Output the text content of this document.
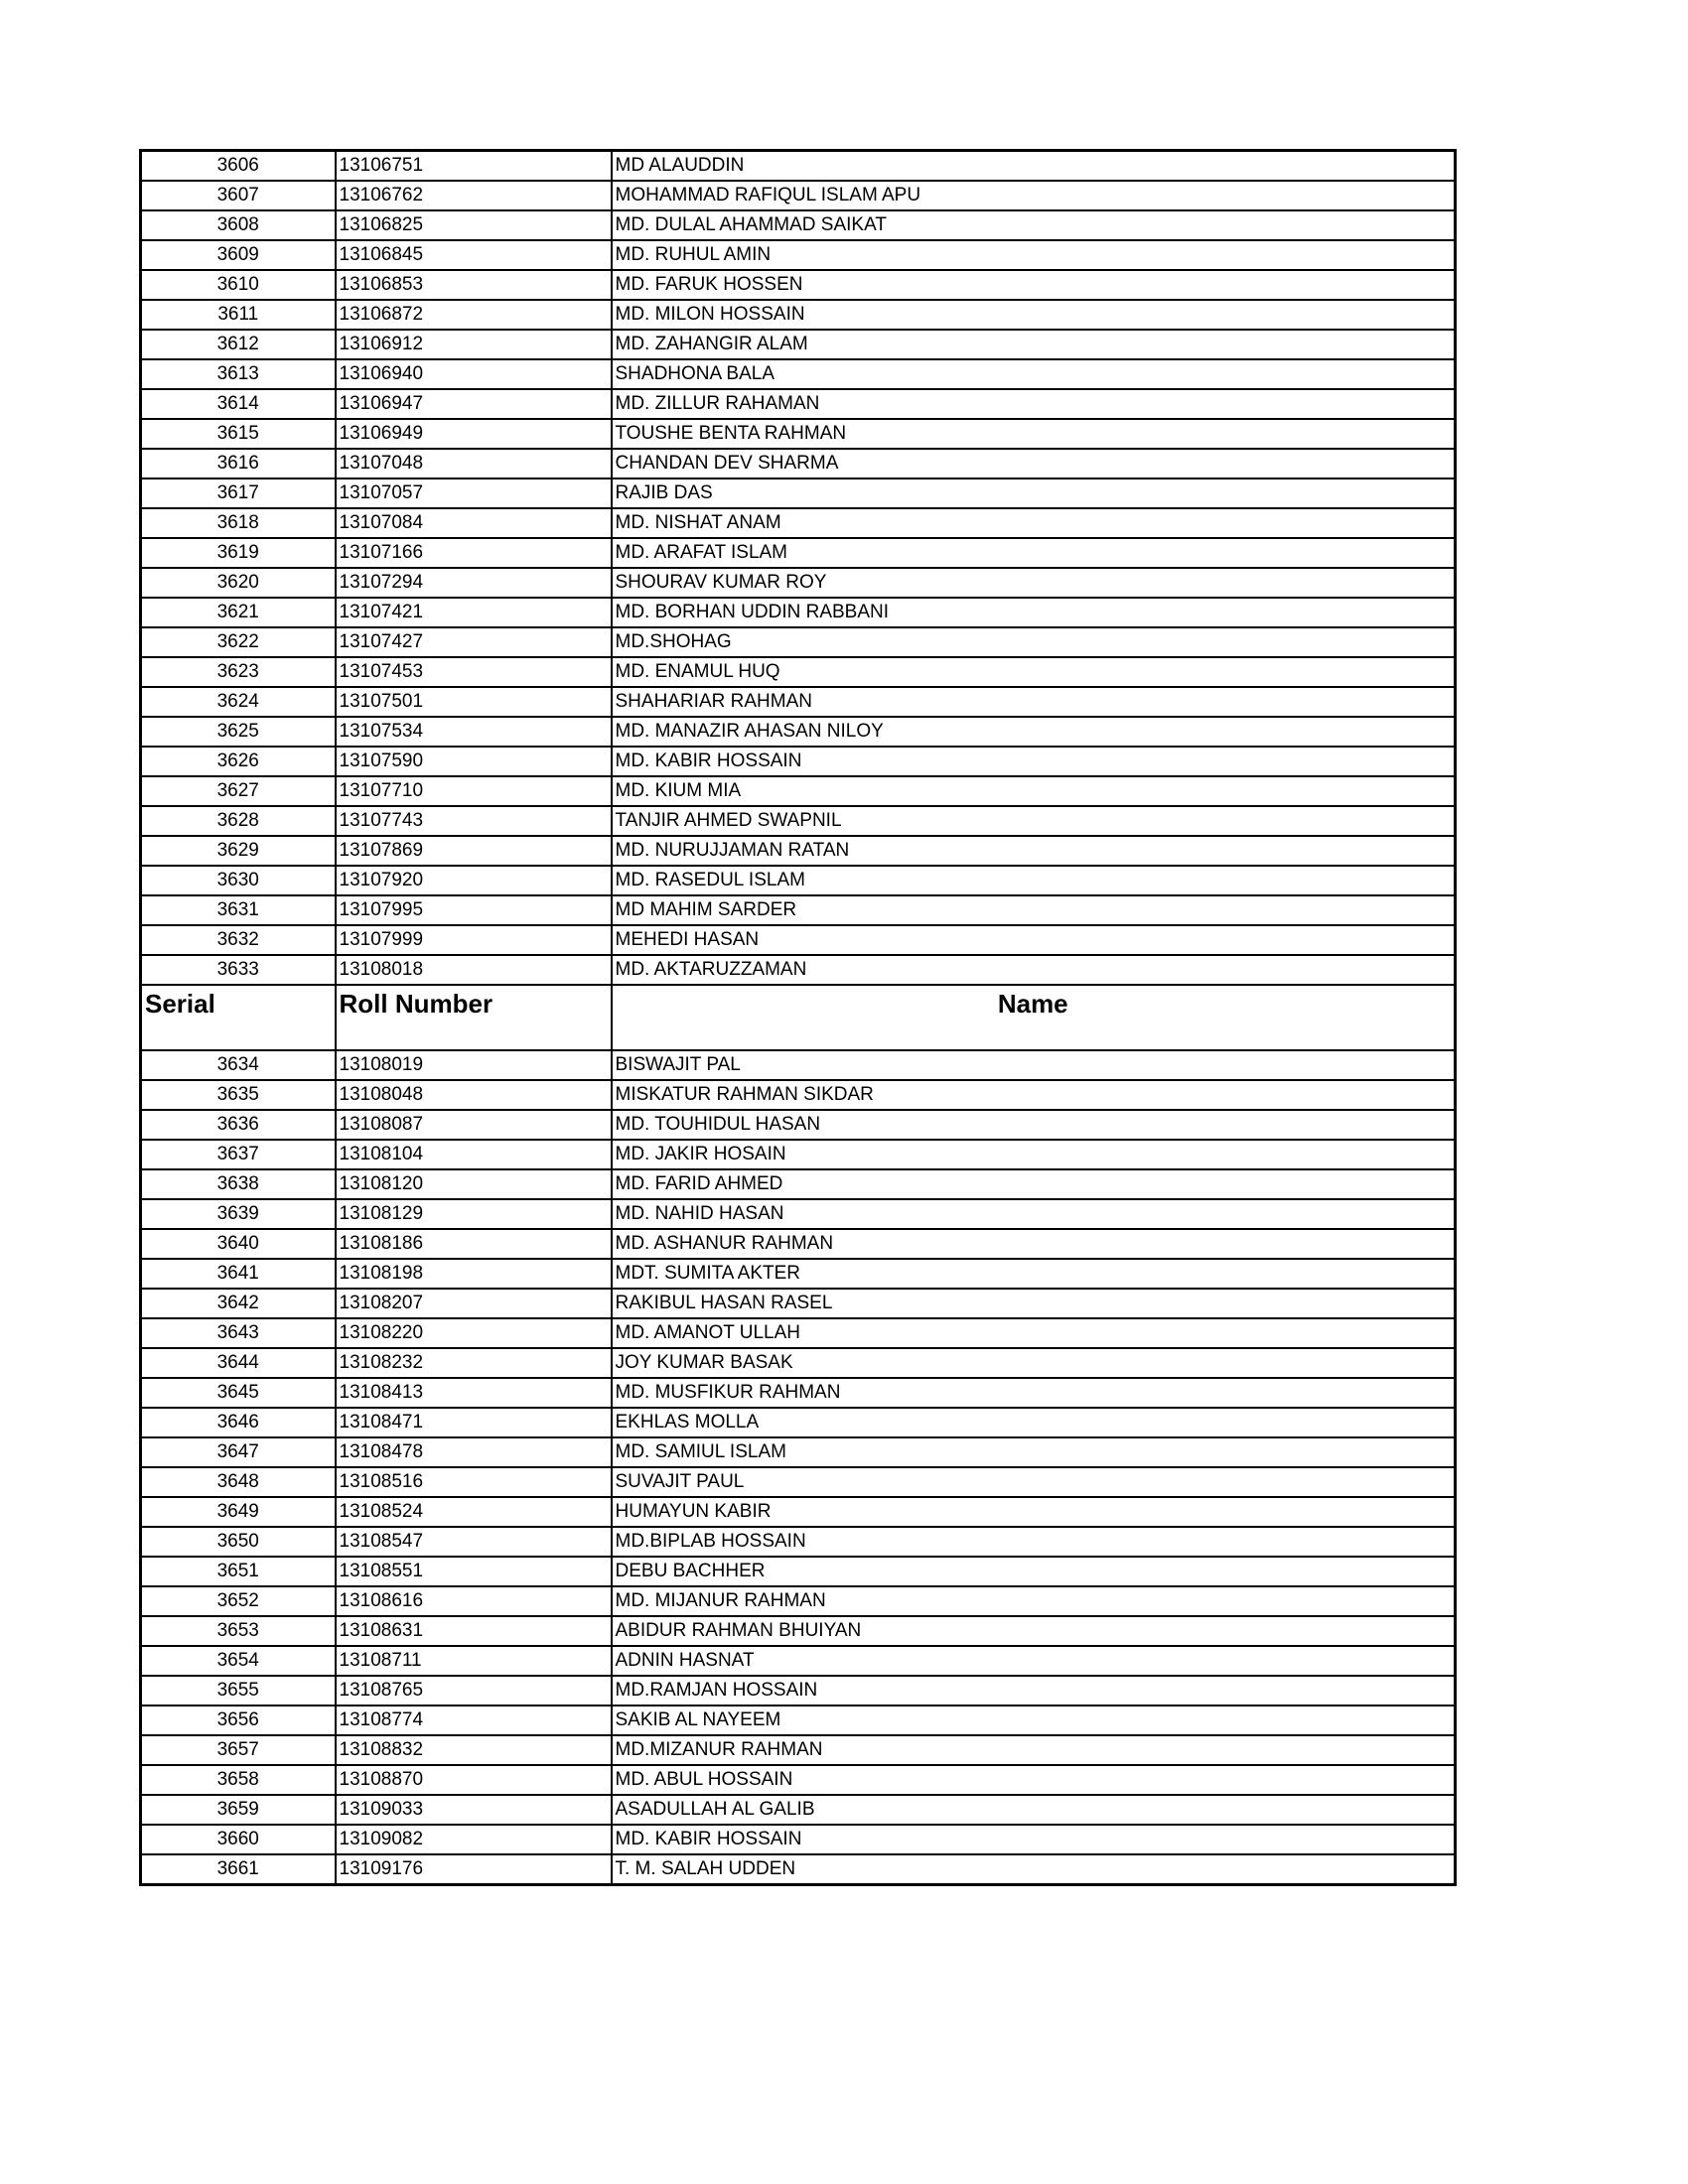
3606	13106751	MD ALAUDDIN
3607	13106762	MOHAMMAD RAFIQUL ISLAM APU
3608	13106825	MD. DULAL AHAMMAD SAIKAT
3609	13106845	MD. RUHUL AMIN
3610	13106853	MD. FARUK HOSSEN
3611	13106872	MD. MILON HOSSAIN
3612	13106912	MD. ZAHANGIR ALAM
3613	13106940	SHADHONA BALA
3614	13106947	MD. ZILLUR RAHAMAN
3615	13106949	TOUSHE BENTA RAHMAN
3616	13107048	CHANDAN DEV SHARMA
3617	13107057	RAJIB DAS
3618	13107084	MD. NISHAT ANAM
3619	13107166	MD. ARAFAT ISLAM
3620	13107294	SHOURAV KUMAR ROY
3621	13107421	MD. BORHAN UDDIN RABBANI
3622	13107427	MD.SHOHAG
3623	13107453	MD. ENAMUL HUQ
3624	13107501	SHAHARIAR RAHMAN
3625	13107534	MD. MANAZIR AHASAN NILOY
3626	13107590	MD. KABIR HOSSAIN
3627	13107710	MD. KIUM MIA
3628	13107743	TANJIR AHMED SWAPNIL
3629	13107869	MD. NURUJJAMAN RATAN
3630	13107920	MD. RASEDUL ISLAM
3631	13107995	MD MAHIM SARDER
3632	13107999	MEHEDI HASAN
3633	13108018	MD. AKTARUZZAMAN
Serial	Roll Number	Name
3634	13108019	BISWAJIT PAL
3635	13108048	MISKATUR RAHMAN SIKDAR
3636	13108087	MD. TOUHIDUL HASAN
3637	13108104	MD. JAKIR HOSAIN
3638	13108120	MD. FARID AHMED
3639	13108129	MD. NAHID HASAN
3640	13108186	MD. ASHANUR RAHMAN
3641	13108198	MDT. SUMITA AKTER
3642	13108207	RAKIBUL HASAN RASEL
3643	13108220	MD. AMANOT ULLAH
3644	13108232	JOY KUMAR BASAK
3645	13108413	MD. MUSFIKUR RAHMAN
3646	13108471	EKHLAS MOLLA
3647	13108478	MD. SAMIUL ISLAM
3648	13108516	SUVAJIT PAUL
3649	13108524	HUMAYUN KABIR
3650	13108547	MD.BIPLAB HOSSAIN
3651	13108551	DEBU BACHHER
3652	13108616	MD. MIJANUR RAHMAN
3653	13108631	ABIDUR RAHMAN BHUIYAN
3654	13108711	ADNIN HASNAT
3655	13108765	MD.RAMJAN HOSSAIN
3656	13108774	SAKIB AL NAYEEM
3657	13108832	MD.MIZANUR RAHMAN
3658	13108870	MD. ABUL HOSSAIN
3659	13109033	ASADULLAH AL GALIB
3660	13109082	MD. KABIR HOSSAIN
3661	13109176	T. M. SALAH UDDEN
